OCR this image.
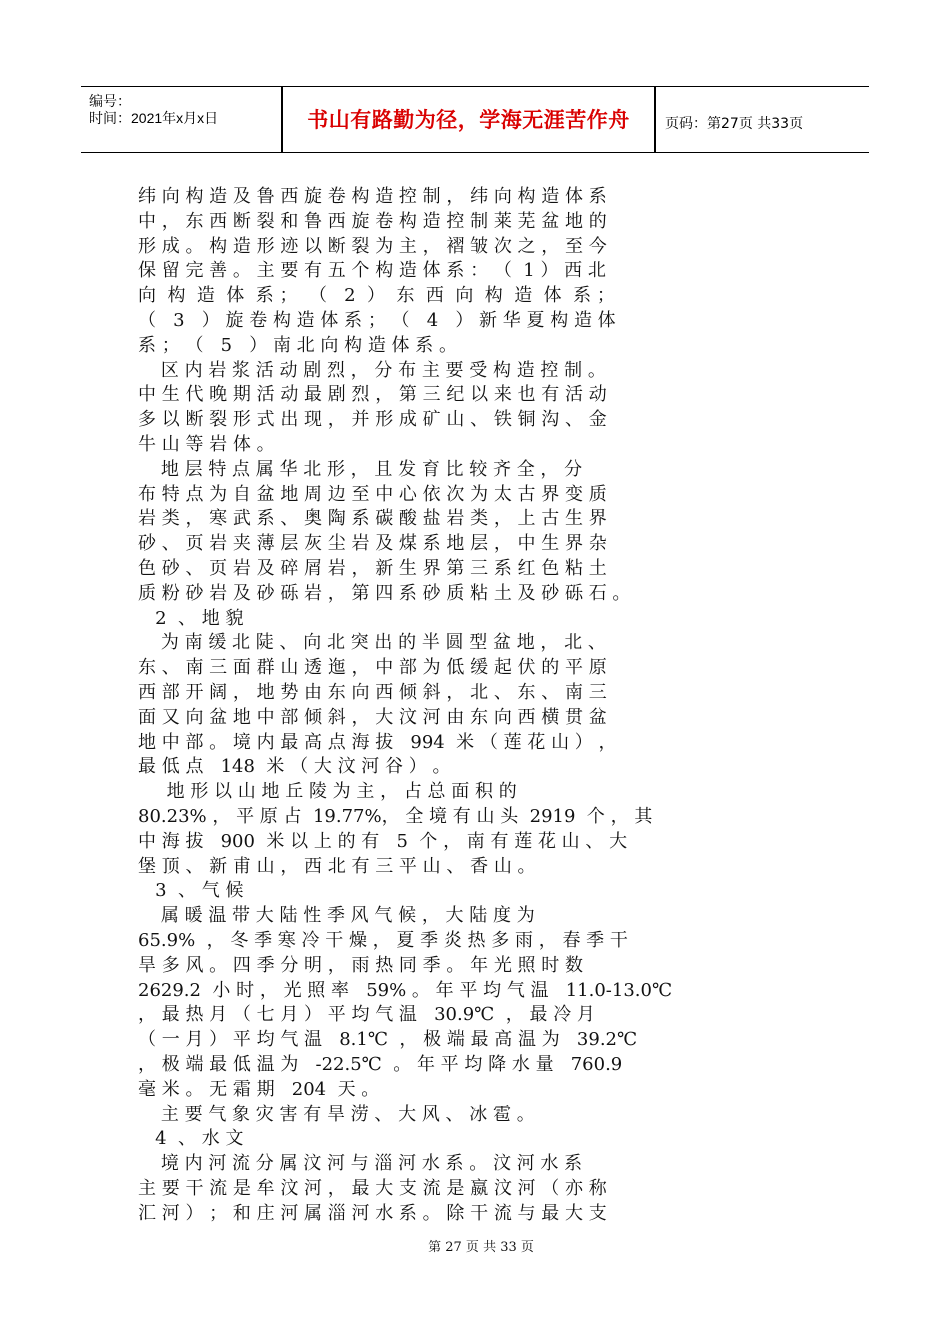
编号：
时间：2021年x月x日	书山有路勤为径，学海无涯苦作舟	页码：第27页 共33页
纬 向 构 造 及 鲁 西 旋 卷 构 造 控 制 ， 纬 向 构 造 体 系
中 ， 东 西 断 裂 和 鲁 西 旋 卷 构 造 控 制 莱 芜 盆 地 的
形 成 。 构 造 形 迹 以 断 裂 为 主 ， 褶 皱 次 之 ， 至 今
保 留 完 善 。 主 要 有 五 个 构 造 体 系 ： （  1 ） 西 北
向  构  造  体  系 ；  （   2  ）  东  西  向  构  造  体  系 ；
（   3   ） 旋 卷 构 造 体 系 ； （   4   ） 新 华 夏 构 造 体
系 ； （   5   ） 南 北 向 构 造 体 系 。
区 内 岩 浆 活 动 剧 烈 ， 分 布 主 要 受 构 造 控 制 。
中 生 代 晚 期 活 动 最 剧 烈 ， 第 三 纪 以 来 也 有 活 动
多 以 断 裂 形 式 出 现 ， 并 形 成 矿 山 、 铁 铜 沟 、 金
牛 山 等 岩 体 。
地 层 特 点 属 华 北 形 ， 且 发 育 比 较 齐 全 ， 分
布 特 点 为 自 盆 地 周 边 至 中 心 依 次 为 太 古 界 变 质
岩 类 ， 寒 武 系 、 奥 陶 系 碳 酸 盐 岩 类 ， 上 古 生 界
砂 、 页 岩 夹 薄 层 灰 尘 岩 及 煤 系 地 层 ， 中 生 界 杂
色 砂 、 页 岩 及 碎 屑 岩 ， 新 生 界 第 三 系 红 色 粘 土
质 粉 砂 岩 及 砂 砾 岩 ， 第 四 系 砂 质 粘 土 及 砂 砾 石 。
2  、 地 貌
为 南 缓 北 陡 、 向 北 突 出 的 半 圆 型 盆 地 ， 北 、
东 、 南 三 面 群 山 透 迤 ， 中 部 为 低 缓 起 伏 的 平 原
西 部 开 阔 ， 地 势 由 东 向 西 倾 斜 ， 北 、 东 、 南 三
面 又 向 盆 地 中 部 倾 斜 ， 大 汶 河 由 东 向 西 横 贯 盆
地 中 部 。 境 内 最 高 点 海 拔   994  米 （ 莲 花 山 ） ，
最 低 点   148  米 （ 大 汶 河 谷 ） 。
地 形 以 山 地 丘 陵 为 主 ， 占 总 面 积 的
80.23% ， 平 原 占  19.77%， 全 境 有 山 头  2919  个 ， 其
中 海 拔   900  米 以 上 的 有   5  个 ， 南 有 莲 花 山 、 大
堡 顶 、 新 甫 山 ， 西 北 有 三 平 山 、 香 山 。
3  、 气 候
属 暖 温 带 大 陆 性 季 风 气 候 ， 大 陆 度 为
65.9%  ， 冬 季 寒 冷 干 燥 ， 夏 季 炎 热 多 雨 ， 春 季 干
旱 多 风 。 四 季 分 明 ， 雨 热 同 季 。 年 光 照 时 数
2629.2  小 时 ， 光 照 率   59% 。 年 平 均 气 温   11.0-13.0℃
， 最 热 月 （ 七 月 ） 平 均 气 温   30.9℃  ， 最 冷 月
（ 一 月 ） 平 均 气 温   8.1℃  ， 极 端 最 高 温 为   39.2℃
， 极 端 最 低 温 为   -22.5℃  。 年 平 均 降 水 量   760.9
毫 米 。 无 霜 期   204  天 。
主 要 气 象 灾 害 有 旱 涝 、 大 风 、 冰 雹 。
4  、 水 文
境 内 河 流 分 属 汶 河 与 淄 河 水 系 。 汶 河 水 系
主 要 干 流 是 牟 汶 河 ， 最 大 支 流 是 嬴 汶 河 （ 亦 称
汇 河 ） ； 和 庄 河 属 淄 河 水 系 。 除 干 流 与 最 大 支
第 27 页 共 33 页
